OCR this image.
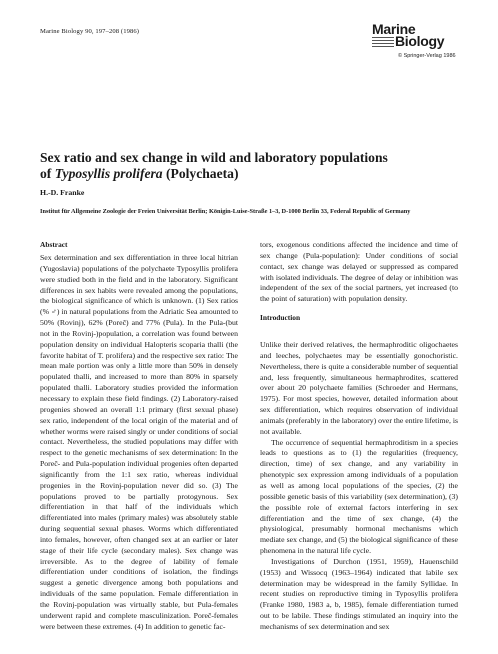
Marine Biology 90, 197–208 (1986)	Marine
Biology
© Springer-Verlag 1986
Sex ratio and sex change in wild and laboratory populations
of Typosyllis prolifera (Polychaeta)
H.-D. Franke
Institut für Allgemeine Zoologie der Freien Universität Berlin; Königin-Luise-Straße 1–3, D-1000 Berlin 33, Federal Republic of Germany
Abstract

Sex determination and sex differentiation in three local hitrian (Yugoslavia) populations of the polychaete Typosyllis prolifera were studied both in the field and in the laboratory. Significant differences in sex habits were revealed among the populations, the biological significance of which is unknown. (1) Sex ratios (% ♂) in natural populations from the Adriatic Sea amounted to 50% (Rovinj), 62% (Poreč) and 77% (Pula). In the Pula-(but not in the Rovinj-)population, a correlation was found between population density on individual Halopteris scoparia thalli (the favorite habitat of T. prolifera) and the respective sex ratio: The mean male portion was only a little more than 50% in densely populated thalli, and increased to more than 80% in sparsely populated thalli. Laboratory studies provided the information necessary to explain these field findings. (2) Laboratory-raised progenies showed an overall 1:1 primary (first sexual phase) sex ratio, independent of the local origin of the material and of whether worms were raised singly or under conditions of social contact. Nevertheless, the studied populations may differ with respect to the genetic mechanisms of sex determination: In the Poreč- and Pula-population individual progenies often departed significantly from the 1:1 sex ratio, whereas individual progenies in the Rovinj-population never did so. (3) The populations proved to be partially protogynous. Sex differentiation in that half of the individuals which differentiated into males (primary males) was absolutely stable during sequential sexual phases. Worms which differentiated into females, however, often changed sex at an earlier or later stage of their life cycle (secondary males). Sex change was irreversible. As to the degree of lability of female differentiation under conditions of isolation, the findings suggest a genetic divergence among both populations and individuals of the same population. Female differentiation in the Rovinj-population was virtually stable, but Pula-females underwent rapid and complete masculinization. Poreč-females were between these extremes. (4) In addition to genetic fac-

tors, exogenous conditions affected the incidence and time of sex change (Pula-population): Under conditions of social contact, sex change was delayed or suppressed as compared with isolated individuals. The degree of delay or inhibition was independent of the sex of the social partners, yet increased (to the point of saturation) with population density.

Introduction

Unlike their derived relatives, the hermaphroditic oligochaetes and leeches, polychaetes may be essentially gonochoristic. Nevertheless, there is quite a considerable number of sequential and, less frequently, simultaneous hermaphrodites, scattered over about 20 polychaete families (Schroeder and Hermans, 1975). For most species, however, detailed information about sex differentiation, which requires observation of individual animals (preferably in the laboratory) over the entire lifetime, is not available.

The occurrence of sequential hermaphroditism in a species leads to questions as to (1) the regularities (frequency, direction, time) of sex change, and any variability in phenotypic sex expression among individuals of a population as well as among local populations of the species, (2) the possible genetic basis of this variability (sex determination), (3) the possible role of external factors interfering in sex differentiation and the time of sex change, (4) the physiological, presumably hormonal mechanisms which mediate sex change, and (5) the biological significance of these phenomena in the natural life cycle.

Investigations of Durchon (1951, 1959), Hauenschild (1953) and Wissocq (1963–1964) indicated that labile sex determination may be widespread in the family Syllidae. In recent studies on reproductive timing in Typosyllis prolifera (Franke 1980, 1983 a, b, 1985), female differentiation turned out to be labile. These findings stimulated an inquiry into the mechanisms of sex determination and sex
